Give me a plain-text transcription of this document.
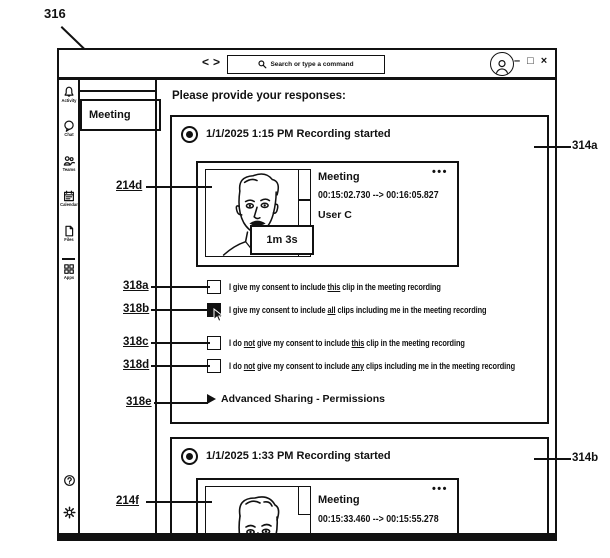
316
<>	Search or type a command	– □ ×
Activity
Chat
Teams
Calendar
Files
Apps
Meeting
Please provide your responses:
1/1/2025 1:15 PM Recording started
1m 3s
Meeting
00:15:02.730 --> 00:16:05.827
User C
•••
I give my consent to include this clip in the meeting recording
I give my consent to include all clips including me in the meeting recording
I do not give my consent to include this clip in the meeting recording
I do not give my consent to include any clips including me in the meeting recording
Advanced Sharing - Permissions
1/1/2025 1:33 PM Recording started
Meeting
00:15:33.460 --> 00:15:55.278
•••
314a
314b
214d
318a
318b
318c
318d
318e
214f
